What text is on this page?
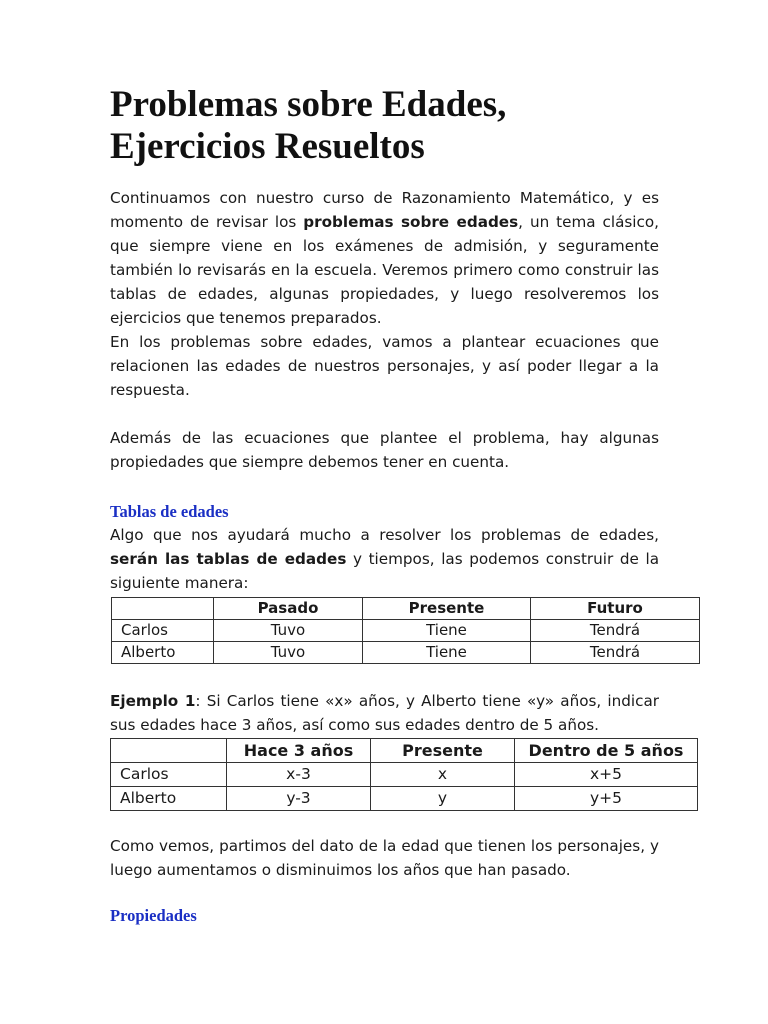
Problemas sobre Edades,
Ejercicios Resueltos

Continuamos con nuestro curso de Razonamiento Matemático, y es momento de revisar los problemas sobre edades, un tema clásico, que siempre viene en los exámenes de admisión, y seguramente también lo revisarás en la escuela. Veremos primero como construir las tablas de edades, algunas propiedades, y luego resolveremos los ejercicios que tenemos preparados.

En los problemas sobre edades, vamos a plantear ecuaciones que relacionen las edades de nuestros personajes, y así poder llegar a la respuesta.

Además de las ecuaciones que plantee el problema, hay algunas propiedades que siempre debemos tener en cuenta.

Tablas de edades

Algo que nos ayudará mucho a resolver los problemas de edades, serán las tablas de edades y tiempos, las podemos construir de la siguiente manera:

	Pasado	Presente	Futuro
Carlos	Tuvo	Tiene	Tendrá
Alberto	Tuvo	Tiene	Tendrá

Ejemplo 1: Si Carlos tiene «x» años, y Alberto tiene «y» años, indicar sus edades hace 3 años, así como sus edades dentro de 5 años.

	Hace 3 años	Presente	Dentro de 5 años
Carlos	x-3	x	x+5
Alberto	y-3	y	y+5

Como vemos, partimos del dato de la edad que tienen los personajes, y luego aumentamos o disminuimos los años que han pasado.

Propiedades
